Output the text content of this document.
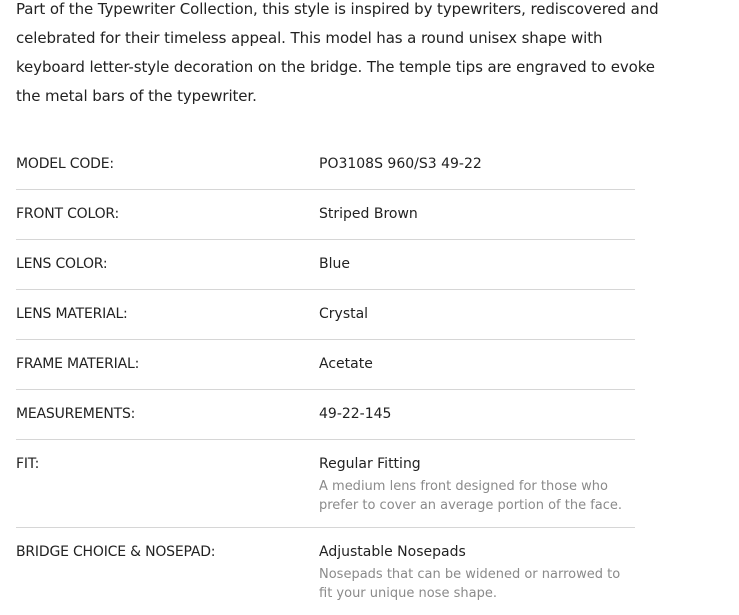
Part of the Typewriter Collection, this style is inspired by typewriters, rediscovered and celebrated for their timeless appeal. This model has a round unisex shape with keyboard letter-style decoration on the bridge. The temple tips are engraved to evoke the metal bars of the typewriter.

MODEL CODE:	PO3108S 960/S3 49-22
FRONT COLOR:	Striped Brown
LENS COLOR:	Blue
LENS MATERIAL:	Crystal
FRAME MATERIAL:	Acetate
MEASUREMENTS:	49-22-145
FIT:	Regular Fitting
A medium lens front designed for those who prefer to cover an average portion of the face.
BRIDGE CHOICE & NOSEPAD:	Adjustable Nosepads
Nosepads that can be widened or narrowed to fit your unique nose shape.
